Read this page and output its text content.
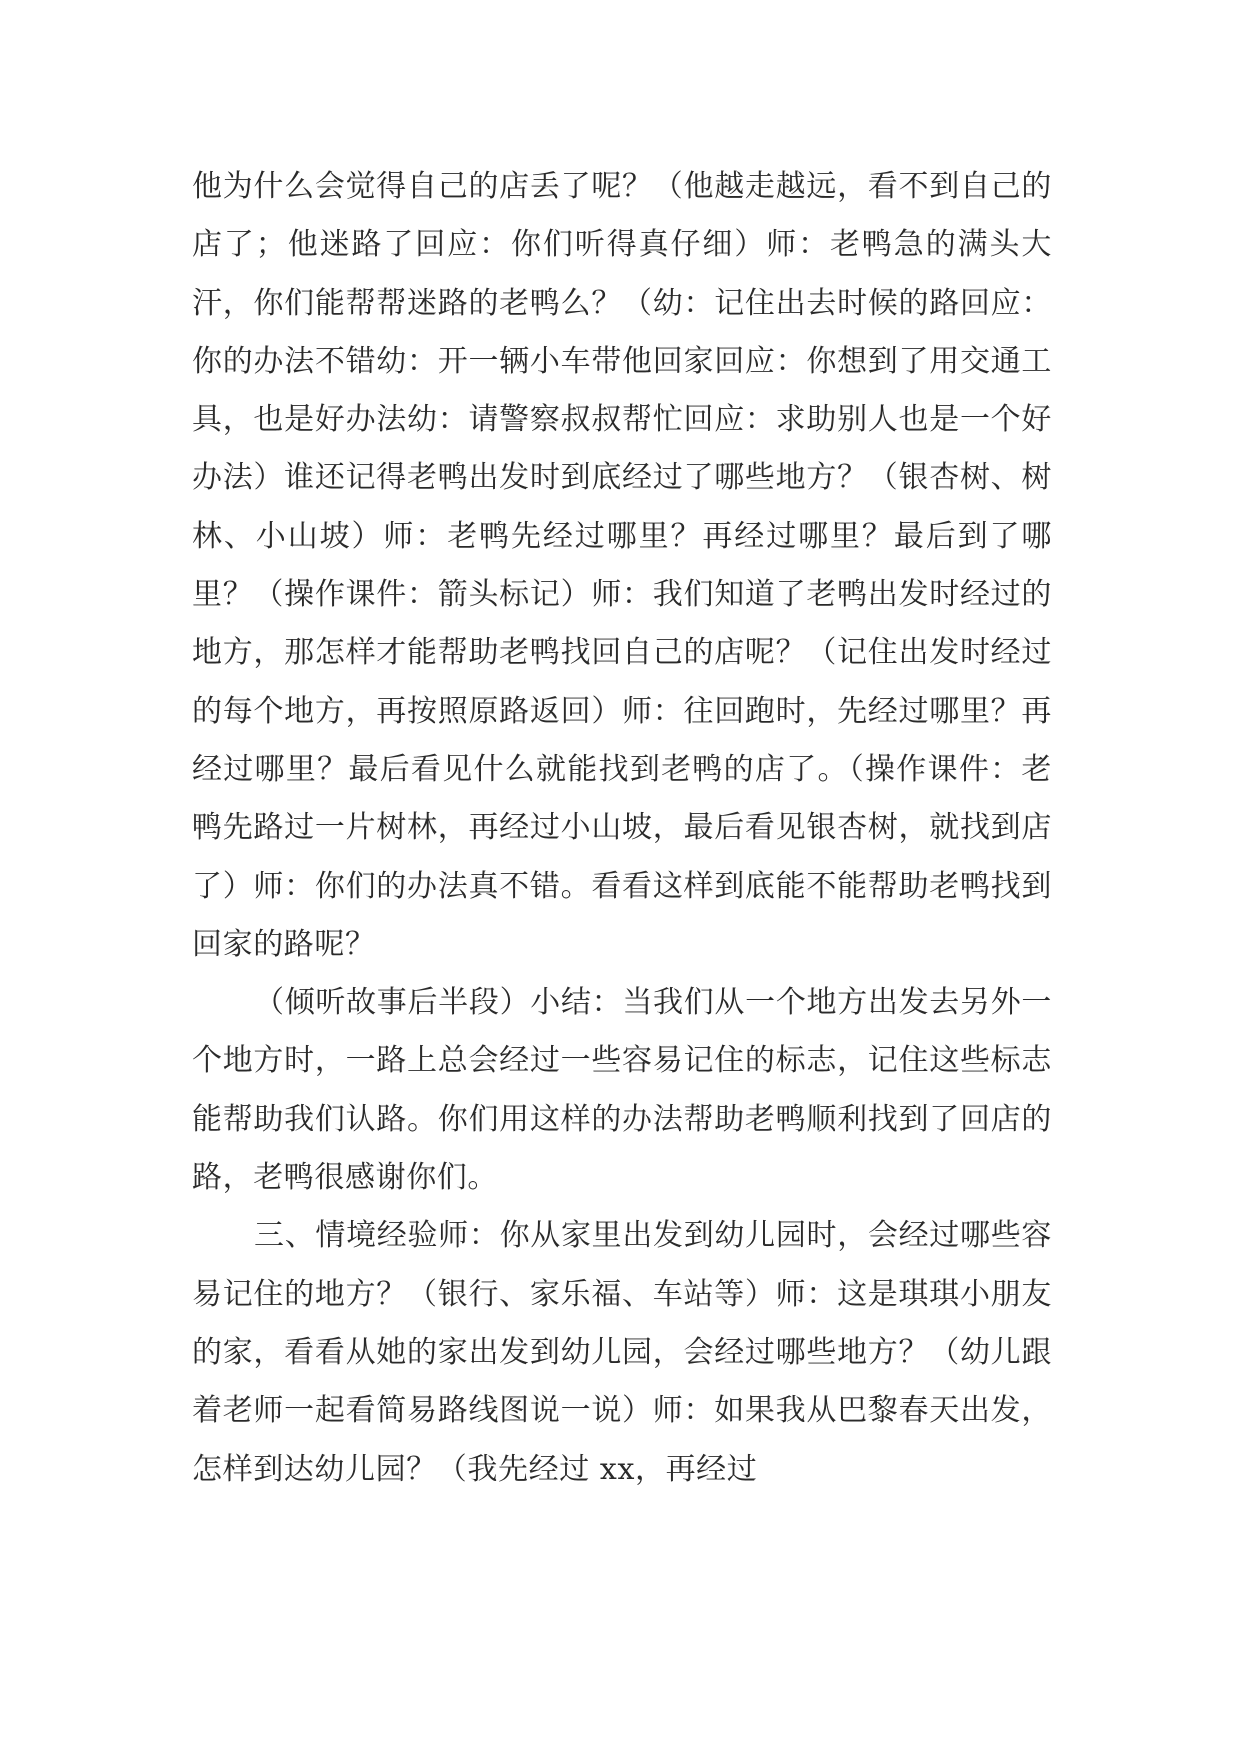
他为什么会觉得自己的店丢了呢？（他越走越远，看不到自己的店了；他迷路了回应：你们听得真仔细）师：老鸭急的满头大汗，你们能帮帮迷路的老鸭么？（幼：记住出去时候的路回应：你的办法不错幼：开一辆小车带他回家回应：你想到了用交通工具，也是好办法幼：请警察叔叔帮忙回应：求助别人也是一个好办法）谁还记得老鸭出发时到底经过了哪些地方？（银杏树、树林、小山坡）师：老鸭先经过哪里？再经过哪里？最后到了哪里？（操作课件：箭头标记）师：我们知道了老鸭出发时经过的地方，那怎样才能帮助老鸭找回自己的店呢？（记住出发时经过的每个地方，再按照原路返回）师：往回跑时，先经过哪里？再经过哪里？最后看见什么就能找到老鸭的店了。（操作课件：老鸭先路过一片树林，再经过小山坡，最后看见银杏树，就找到店了）师：你们的办法真不错。看看这样到底能不能帮助老鸭找到回家的路呢？

（倾听故事后半段）小结：当我们从一个地方出发去另外一个地方时，一路上总会经过一些容易记住的标志，记住这些标志能帮助我们认路。你们用这样的办法帮助老鸭顺利找到了回店的路，老鸭很感谢你们。

三、情境经验师：你从家里出发到幼儿园时，会经过哪些容易记住的地方？（银行、家乐福、车站等）师：这是琪琪小朋友的家，看看从她的家出发到幼儿园，会经过哪些地方？（幼儿跟着老师一起看简易路线图说一说）师：如果我从巴黎春天出发，怎样到达幼儿园？（我先经过 xx，再经过
